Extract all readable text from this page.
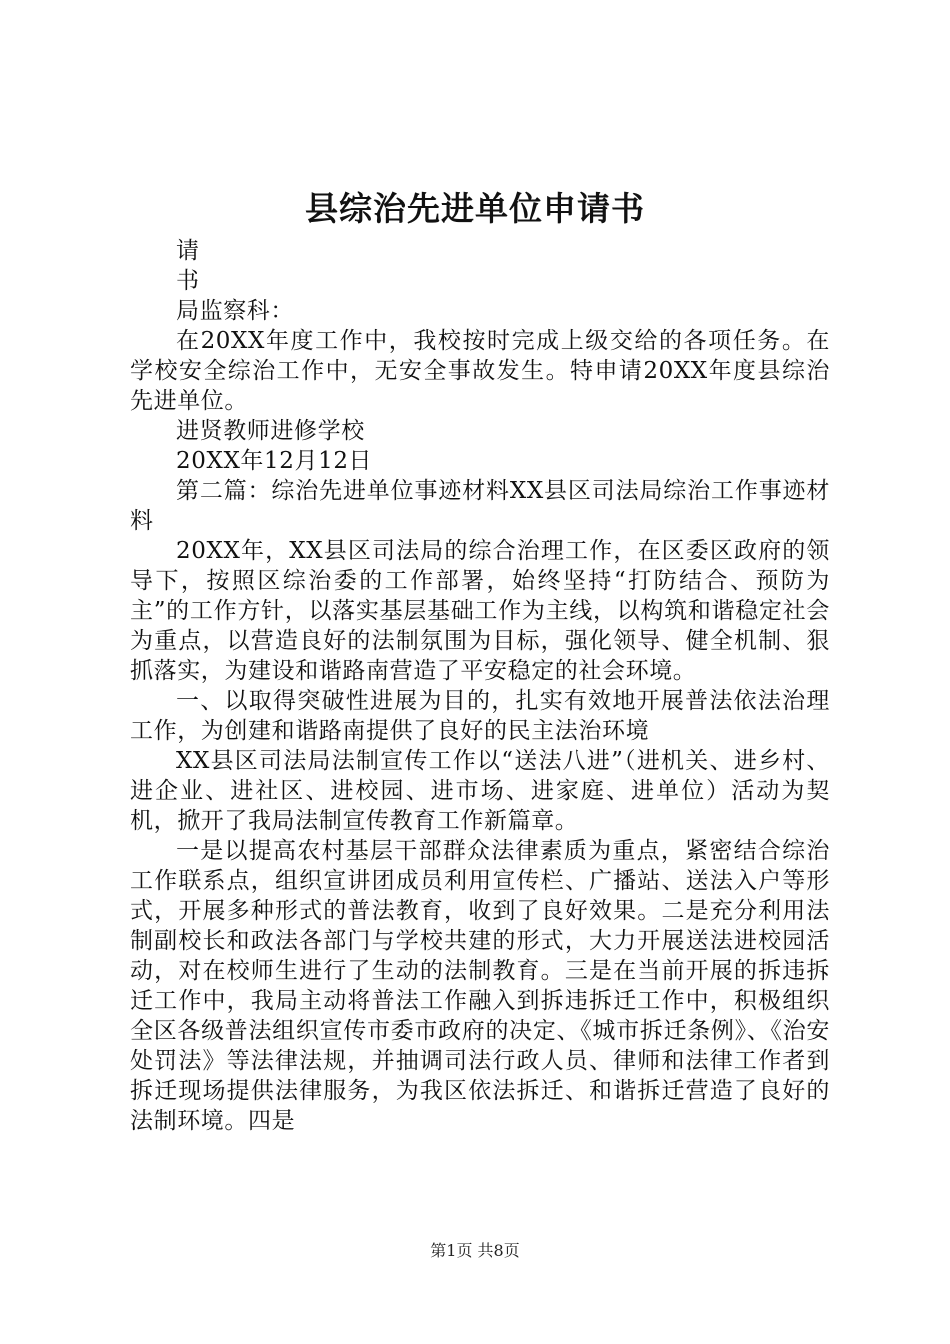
县综治先进单位申请书

请

书

局监察科：

在20XX年度工作中，我校按时完成上级交给的各项任务。在学校安全综治工作中，无安全事故发生。特申请20XX年度县综治先进单位。

进贤教师进修学校

20XX年12月12日

第二篇：综治先进单位事迹材料XX县区司法局综治工作事迹材料

20XX年，XX县区司法局的综合治理工作，在区委区政府的领导下，按照区综治委的工作部署，始终坚持“打防结合、预防为主”的工作方针，以落实基层基础工作为主线，以构筑和谐稳定社会为重点，以营造良好的法制氛围为目标，强化领导、健全机制、狠抓落实，为建设和谐路南营造了平安稳定的社会环境。

一、以取得突破性进展为目的，扎实有效地开展普法依法治理工作，为创建和谐路南提供了良好的民主法治环境

XX县区司法局法制宣传工作以“送法八进”（进机关、进乡村、进企业、进社区、进校园、进市场、进家庭、进单位）活动为契机，掀开了我局法制宣传教育工作新篇章。

一是以提高农村基层干部群众法律素质为重点，紧密结合综治工作联系点，组织宣讲团成员利用宣传栏、广播站、送法入户等形式，开展多种形式的普法教育，收到了良好效果。二是充分利用法制副校长和政法各部门与学校共建的形式，大力开展送法进校园活动，对在校师生进行了生动的法制教育。三是在当前开展的拆违拆迁工作中，我局主动将普法工作融入到拆违拆迁工作中，积极组织全区各级普法组织宣传市委市政府的决定、《城市拆迁条例》、《治安处罚法》等法律法规，并抽调司法行政人员、律师和法律工作者到拆迁现场提供法律服务，为我区依法拆迁、和谐拆迁营造了良好的法制环境。四是

第1页 共8页
